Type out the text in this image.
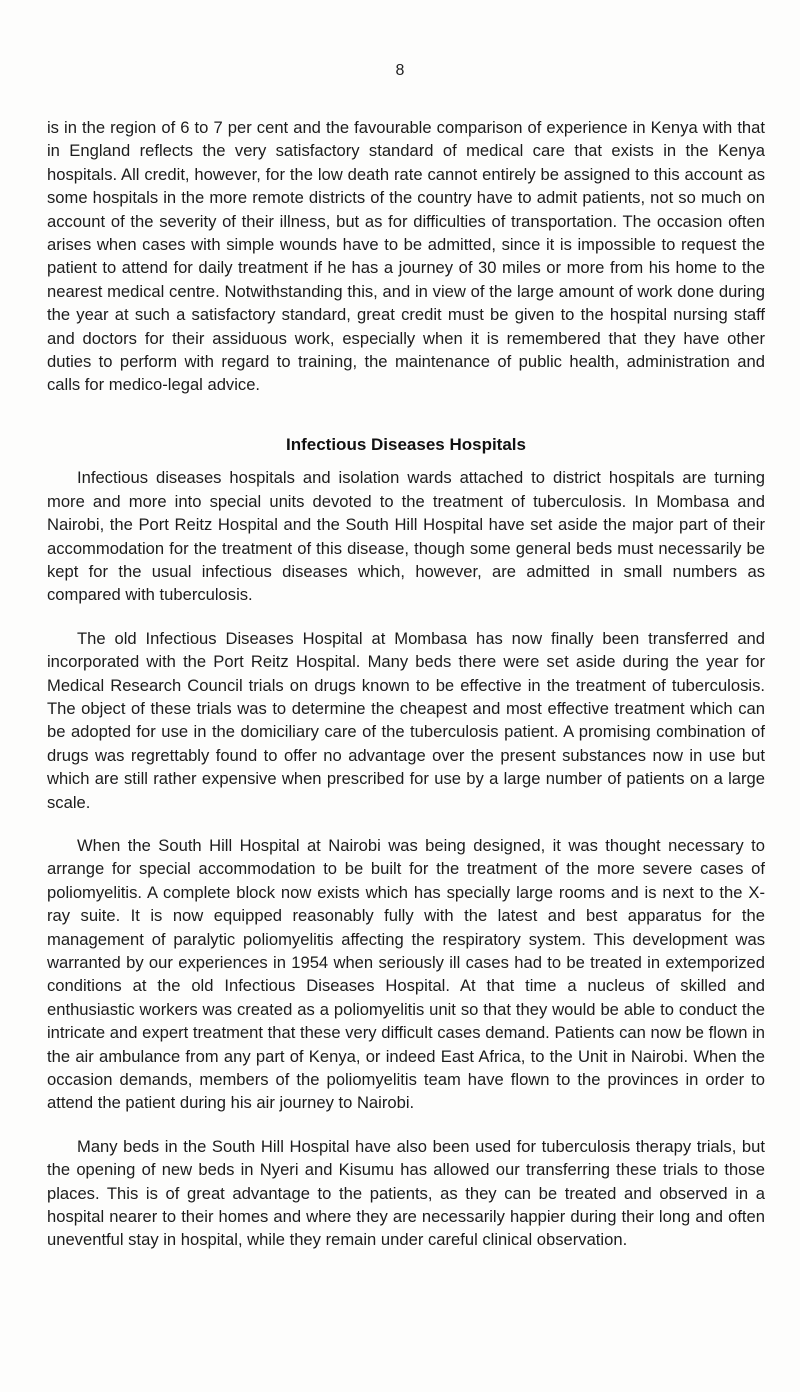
8

is in the region of 6 to 7 per cent and the favourable comparison of experience in Kenya with that in England reflects the very satisfactory standard of medical care that exists in the Kenya hospitals. All credit, however, for the low death rate cannot entirely be assigned to this account as some hospitals in the more remote districts of the country have to admit patients, not so much on account of the severity of their illness, but as for difficulties of transportation. The occasion often arises when cases with simple wounds have to be admitted, since it is impossible to request the patient to attend for daily treatment if he has a journey of 30 miles or more from his home to the nearest medical centre. Notwithstanding this, and in view of the large amount of work done during the year at such a satisfactory standard, great credit must be given to the hospital nursing staff and doctors for their assiduous work, especially when it is remembered that they have other duties to perform with regard to training, the maintenance of public health, administration and calls for medico-legal advice.

Infectious Diseases Hospitals

Infectious diseases hospitals and isolation wards attached to district hospitals are turning more and more into special units devoted to the treatment of tuberculosis. In Mombasa and Nairobi, the Port Reitz Hospital and the South Hill Hospital have set aside the major part of their accommodation for the treatment of this disease, though some general beds must necessarily be kept for the usual infectious diseases which, however, are admitted in small numbers as compared with tuberculosis.

The old Infectious Diseases Hospital at Mombasa has now finally been transferred and incorporated with the Port Reitz Hospital. Many beds there were set aside during the year for Medical Research Council trials on drugs known to be effective in the treatment of tuberculosis. The object of these trials was to determine the cheapest and most effective treatment which can be adopted for use in the domiciliary care of the tuberculosis patient. A promising combination of drugs was regrettably found to offer no advantage over the present substances now in use but which are still rather expensive when prescribed for use by a large number of patients on a large scale.

When the South Hill Hospital at Nairobi was being designed, it was thought necessary to arrange for special accommodation to be built for the treatment of the more severe cases of poliomyelitis. A complete block now exists which has specially large rooms and is next to the X-ray suite. It is now equipped reasonably fully with the latest and best apparatus for the management of paralytic poliomyelitis affecting the respiratory system. This development was warranted by our experiences in 1954 when seriously ill cases had to be treated in extemporized conditions at the old Infectious Diseases Hospital. At that time a nucleus of skilled and enthusiastic workers was created as a poliomyelitis unit so that they would be able to conduct the intricate and expert treatment that these very difficult cases demand. Patients can now be flown in the air ambulance from any part of Kenya, or indeed East Africa, to the Unit in Nairobi. When the occasion demands, members of the poliomyelitis team have flown to the provinces in order to attend the patient during his air journey to Nairobi.

Many beds in the South Hill Hospital have also been used for tuberculosis therapy trials, but the opening of new beds in Nyeri and Kisumu has allowed our transferring these trials to those places. This is of great advantage to the patients, as they can be treated and observed in a hospital nearer to their homes and where they are necessarily happier during their long and often uneventful stay in hospital, while they remain under careful clinical observation.
